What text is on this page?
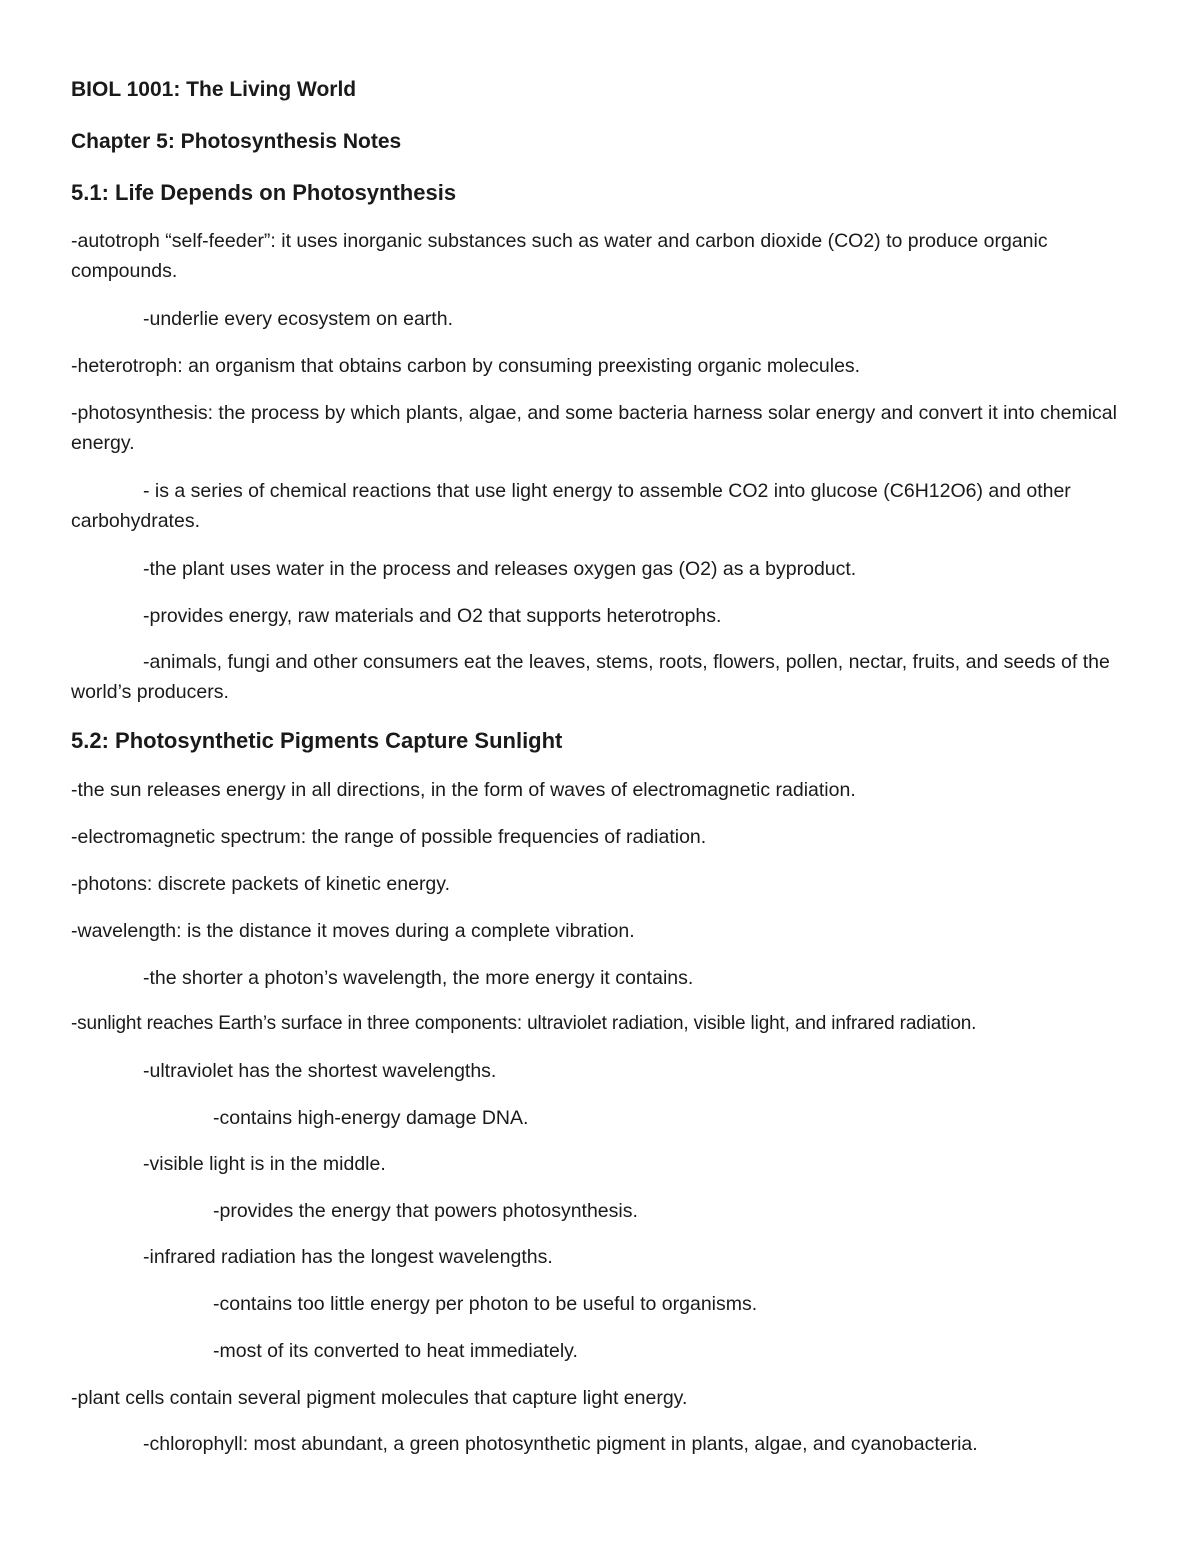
BIOL 1001: The Living World

Chapter 5: Photosynthesis Notes

5.1: Life Depends on Photosynthesis

-autotroph “self-feeder”: it uses inorganic substances such as water and carbon dioxide (CO2) to produce organic compounds.

-underlie every ecosystem on earth.

-heterotroph: an organism that obtains carbon by consuming preexisting organic molecules.

-photosynthesis: the process by which plants, algae, and some bacteria harness solar energy and convert it into chemical energy.

- is a series of chemical reactions that use light energy to assemble CO2 into glucose (C6H12O6) and other carbohydrates.

-the plant uses water in the process and releases oxygen gas (O2) as a byproduct.

-provides energy, raw materials and O2 that supports heterotrophs.

-animals, fungi and other consumers eat the leaves, stems, roots, flowers, pollen, nectar, fruits, and seeds of the world’s producers.

5.2: Photosynthetic Pigments Capture Sunlight

-the sun releases energy in all directions, in the form of waves of electromagnetic radiation.

-electromagnetic spectrum: the range of possible frequencies of radiation.

-photons: discrete packets of kinetic energy.

-wavelength: is the distance it moves during a complete vibration.

-the shorter a photon’s wavelength, the more energy it contains.

-sunlight reaches Earth’s surface in three components: ultraviolet radiation, visible light, and infrared radiation.

-ultraviolet has the shortest wavelengths.

-contains high-energy damage DNA.

-visible light is in the middle.

-provides the energy that powers photosynthesis.

-infrared radiation has the longest wavelengths.

-contains too little energy per photon to be useful to organisms.

-most of its converted to heat immediately.

-plant cells contain several pigment molecules that capture light energy.

-chlorophyll: most abundant, a green photosynthetic pigment in plants, algae, and cyanobacteria.
